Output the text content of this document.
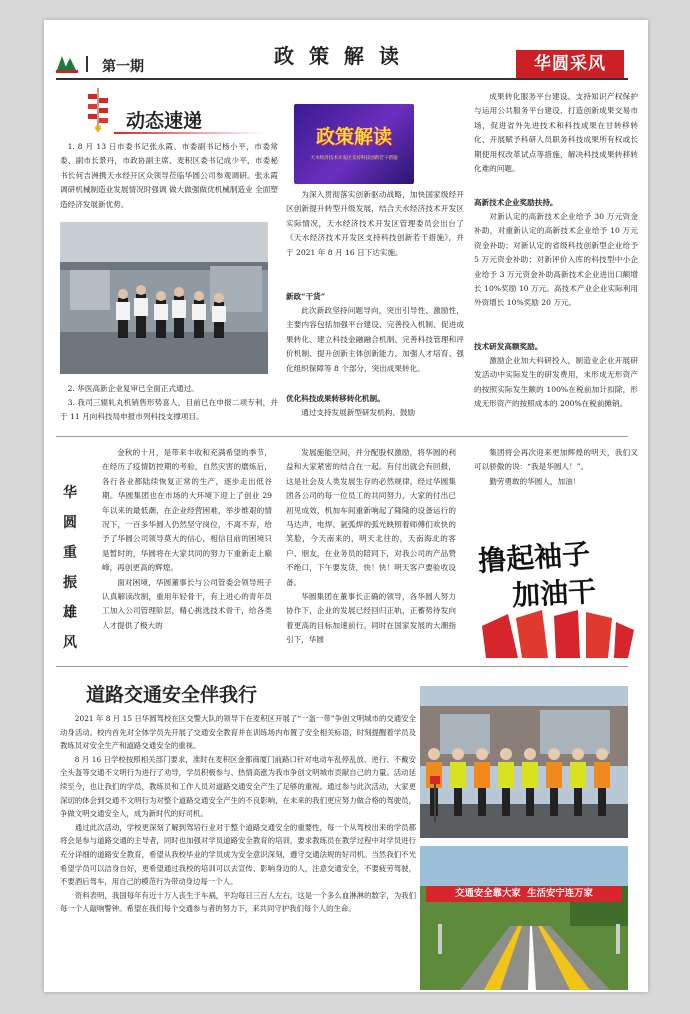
第一期	政 策 解 读	华圆采风
动态速递
1. 8 月 13 日市委书记张永霞、市委副书记杨小平，市委常委、副市长景丹，市政协副主席、麦积区委书记成少平，市委秘书长何吉洲携天水经开区众领导莅临华圆公司参观调研。张永霞调研机械制造业发展情况时强调 做大做强做优机械制造业 全面塑造经济发展新优势。
2. 华医高新企业复审已全面正式通过。
3. 我司三辊轧丸机销售形势喜人，目前已在申报二项专利，并于 11 月向科技局申报市列科技支撑项目。
政策解读
天水经济技术开发区支持科技创新若干措施

为深入贯彻落实创新驱动战略，加快国家级经开区创新提升转型升级发展，结合天水经济技术开发区实际情况，天水经济技术开发区管理委员会出台了《天水经济技术开发区支持科技创新若干措施》，并于 2021 年 8 月 16 日下达实施。

新政“干货”

此次新政坚持问题导向，突出引导性、激励性，主要内容包括加强平台建设、完善投入机制、促进成果转化、建立科技金融融合机制、完善科技管理和评价机制、提升创新主体创新能力、加强人才培育、强化组织保障等 8 个部分，突出成果转化。

优化科技成果转移转化机制。

通过支持发展新型研发机构、鼓励

成果转化服务平台建设、支持知识产权保护与运用公共服务平台建设、打造创新成果交易市场，促进省外先进技术和科技成果在甘转移转化、开展赋予科研人员职务科技成果所有权或长期使用权改革试点等措施，解决科技成果转移转化难的问题。

高新技术企业奖励扶持。

对新认定的高新技术企业给予 30 万元资金补助，对重新认定的高新技术企业给予 10 万元资金补助；对新认定的省级科技创新型企业给予 5 万元资金补助；对新评价入库的科技型中小企业给予 3 万元资金补助高新技术企业进出口额增长 10%奖励 10 万元。高技术产业企业实际利用外资增长 10%奖励 20 万元。

技术研发高额奖励。

激励企业加大科研投入，制造业企业开展研发活动中实际发生的研发费用，未形成无形资产的按照实际发生额的 100%在税前加计扣除，形成无形资产的按照成本的 200%在税前摊销。

华
圆
重
振
雄
风

金秋的十月，是带来丰收和充满希望的季节，在经历了疫情防控期的考验，自然灾害的磨炼后，各行各业都陆续恢复正常的生产，逐步走出低谷期。华圆集团也在市场的大环境下迎上了创业 29 年以来的最低潮，在企业经营困难，举步维艰的情况下，一百多华圆人仍然坚守岗位，不离不弃，给予了华圆公司领导莫大的信心，相信目前的困境只是暂时的，华圆将在大家共同的努力下重新走上巅峰，再创更高的辉煌。

面对困境，华圆董事长与公司管委会领导班子认真解读改制，重用年轻骨干，有上进心的青年员工加入公司管理阶层，精心挑选技术骨干，给各类人才提供了极大的

发展施能空间，并分配股权激励，将华圆的利益和大家紧密的结合在一起。有付出就会有回报，这是社会及人类发展生存的必然规律，经过华圆集团各公司的每一位员工的共同努力，大家的付出已初见成效，机加车间重新响起了隆隆的设备运行的马达声，电焊、氩弧焊的弧光映照着师傅们欢快的笑脸，今天南来的，明天北往的，天南海北的客户、朋友，在业务员的陪同下，对我公司的产品赞不绝口，下午要发货，快！快！明天客户要验收设备。

华圆集团在董事长正确的领导，各华圆人努力协作下，企业的发展已经回归正轨，正蓄势待发向着更高的目标加速前行。同时在国家发展的大潮指引下，华圆

集团将会再次迎来更加辉煌的明天，我们又可以骄傲的说：“我是华圆人！”。

勤劳勇敢的华圆人，加油！

撸起袖子
加油干
道路交通安全伴我行

2021 年 8 月 15 日华圆驾校在区交警大队的领导下在麦积区开展了“一盔一带”争创文明城市的交通安全动身活动。校内首先对全体学员先开展了交通安全教育并在训练场内布置了安全相关标语，时刻提醒着学员及教练员对安全生产和道路交通安全的重视。

8 月 16 日学校按照相关部门要求，准时在麦积区金都商厦门前路口针对电动车乱停乱放、逆行、不戴安全头盔等交通不文明行为进行了劝导，学员积极参与、热情高涨为我市争创文明城市贡献自己的力量。活动延续至今，也让我们的学员，教练员和工作人员对道路交通安全产生了足够的重视。通过参与此次活动，大家更深切的体会到交通不文明行为对整个道路交通安全产生的不良影响，在未来的我们更应努力做合格的驾驶员，争做文明交通安全人，成为新时代的好司机。

通过此次活动，学校更深刻了解到驾培行业对于整个道路交通安全的重要性，每一个从驾校出来的学员都将会是参与道路交通的主导者，同时也加强对学员道路安全教育的培训，要求教练员在教学过程中对学员进行充分详细的道路安全教育，希望从我校毕业的学员成为安全意识深刻，遵守交通法规的好司机。当然我们不光希望学员可以洁身自好，更希望通过我校的培训可以去宣传、影响身边的人，注意交通安全，不要疲劳驾驶，不要酒后驾车，用自己的模范行为带动身边每一个人。

资料表明，我国每年有近十万人丧生于车祸，平均每日三百人左右，这是一个多么血淋淋的数字，为我们每一个人敲响警钟。希望在我们每个交通参与者的努力下，来共同守护我们每个人的生命。

交通安全靠大家  生活安宁连万家
